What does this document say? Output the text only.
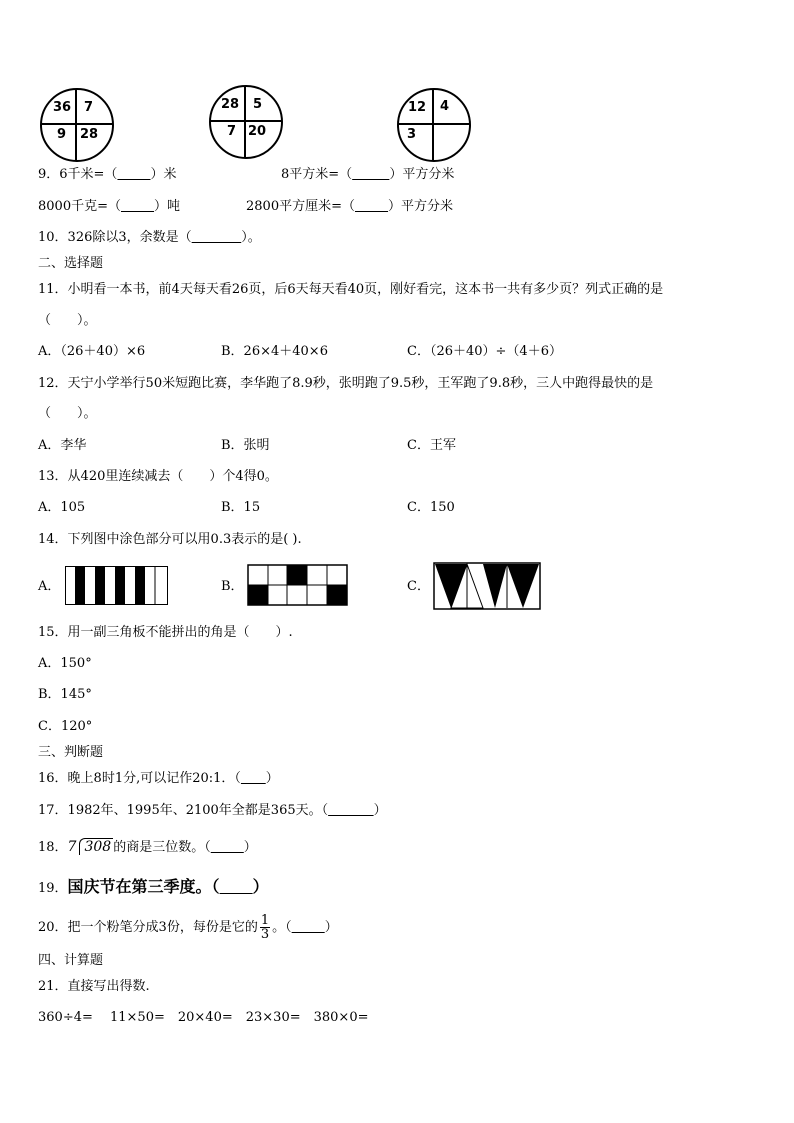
36 7
9 28
28 5
7 20
12 4
3
9．6千米=（	）米	8平方米=（	）平方分米
8000千克=（	）吨	2800平方厘米=（	）平方分米
10．326除以3，余数是（	）。
二、选择题
11．小明看一本书，前4天每天看26页，后6天每天看40页，刚好看完，这本书一共有多少页？列式正确的是
（　　）。
A．（26＋40）×6	B．26×4＋40×6	C．（26＋40）÷（4＋6）
12．天宁小学举行50米短跑比赛，李华跑了8.9秒，张明跑了9.5秒，王军跑了9.8秒，三人中跑得最快的是
（　　）。
A．李华	B．张明	C．王军
13．从420里连续减去（　　）个4得0。
A．105	B．15	C．150
14．下列图中涂色部分可以用0.3表示的是( ).
A．	B．	C．
15．用一副三角板不能拼出的角是（　　）.
A．150°
B．145°
C．120°
三、判断题
16．晚上8时1分,可以记作20:1．（ ）
17．1982年、1995年、2100年全都是365天。（	）
18．7 308 的商是三位数。（	）
19．国庆节在第三季度。（ ）
20．把一个粉笔分成3份，每份是它的 $\frac{1}{3}$ 。（	）
四、计算题
21．直接写出得数.
360÷4=　 11×50=　20×40=　23×30=　380×0=
